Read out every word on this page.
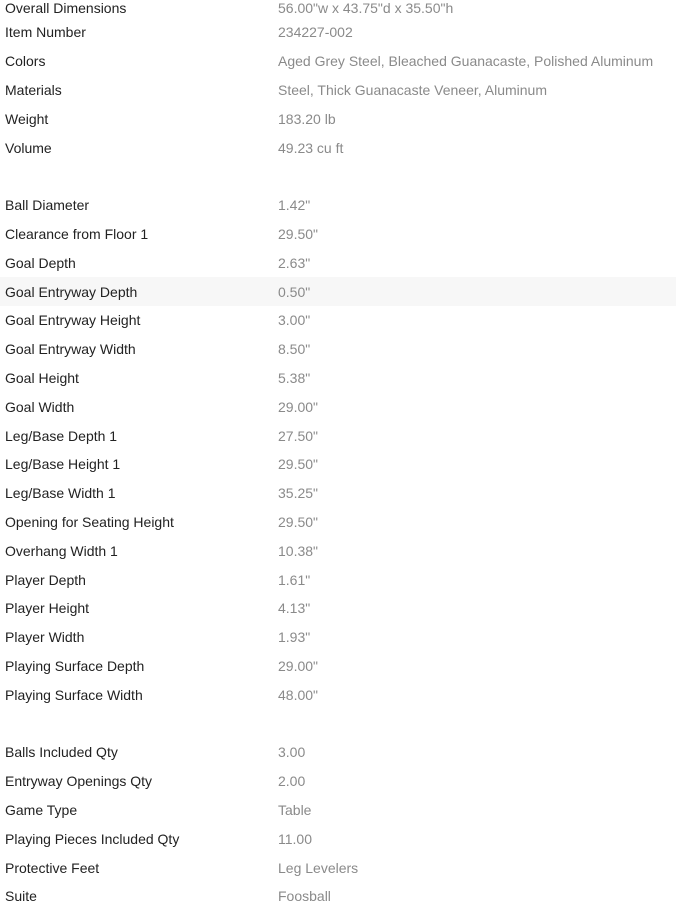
Overall Dimensions	56.00"w x 43.75"d x 35.50"h
Item Number	234227-002
Colors	Aged Grey Steel, Bleached Guanacaste, Polished Aluminum
Materials	Steel, Thick Guanacaste Veneer, Aluminum
Weight	183.20 lb
Volume	49.23 cu ft
Ball Diameter	1.42"
Clearance from Floor 1	29.50"
Goal Depth	2.63"
Goal Entryway Depth	0.50"
Goal Entryway Height	3.00"
Goal Entryway Width	8.50"
Goal Height	5.38"
Goal Width	29.00"
Leg/Base Depth 1	27.50"
Leg/Base Height 1	29.50"
Leg/Base Width 1	35.25"
Opening for Seating Height	29.50"
Overhang Width 1	10.38"
Player Depth	1.61"
Player Height	4.13"
Player Width	1.93"
Playing Surface Depth	29.00"
Playing Surface Width	48.00"
Balls Included Qty	3.00
Entryway Openings Qty	2.00
Game Type	Table
Playing Pieces Included Qty	11.00
Protective Feet	Leg Levelers
Suite	Foosball
